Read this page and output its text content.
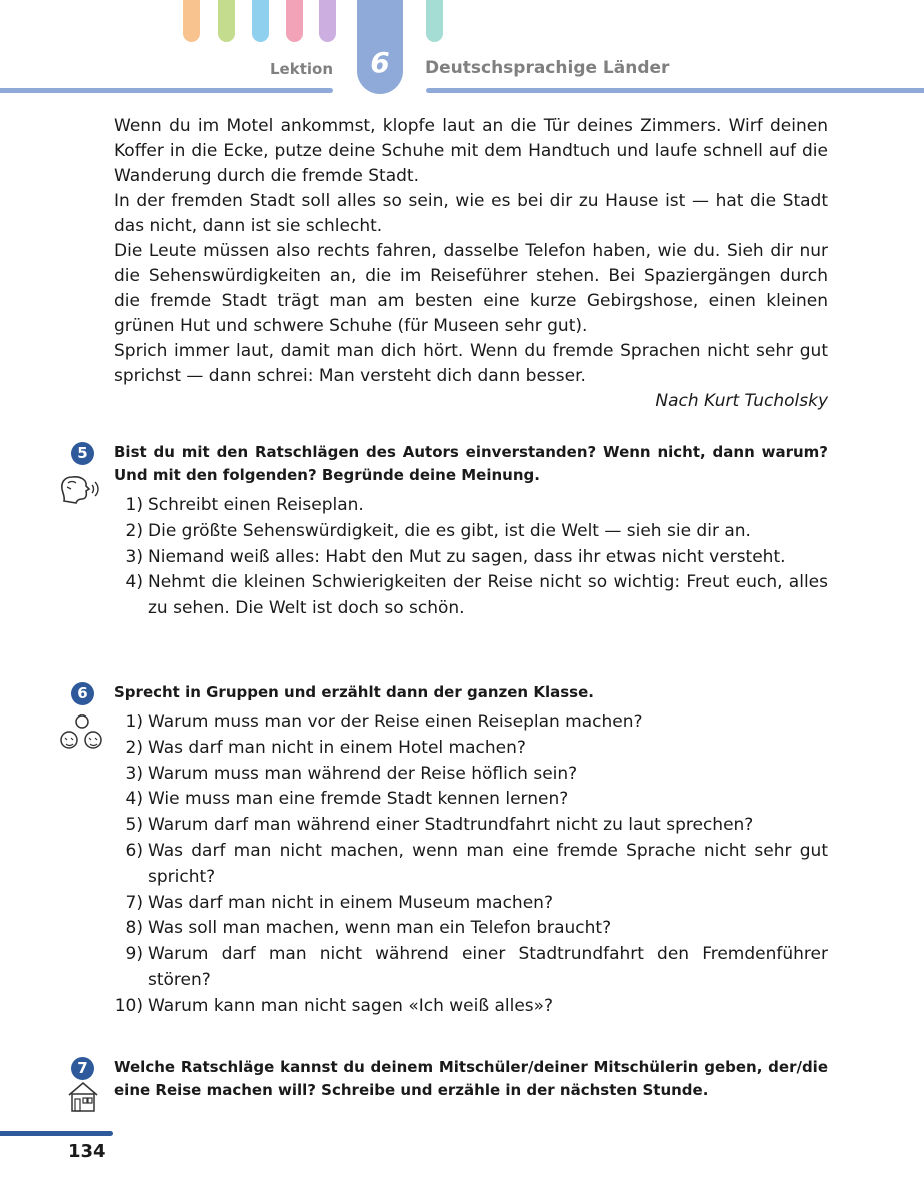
6
Lektion	Deutschsprachige Länder
Wenn du im Motel ankommst, klopfe laut an die Tür deines Zimmers. Wirf deinen Koffer in die Ecke, putze deine Schuhe mit dem Handtuch und laufe schnell auf die Wanderung durch die fremde Stadt.
In der fremden Stadt soll alles so sein, wie es bei dir zu Hause ist — hat die Stadt das nicht, dann ist sie schlecht.
Die Leute müssen also rechts fahren, dasselbe Telefon haben, wie du. Sieh dir nur die Sehenswürdigkeiten an, die im Reiseführer stehen. Bei Spaziergängen durch die fremde Stadt trägt man am besten eine kurze Gebirgshose, einen kleinen grünen Hut und schwere Schuhe (für Museen sehr gut).
Sprich immer laut, damit man dich hört. Wenn du fremde Sprachen nicht sehr gut sprichst — dann schrei: Man versteht dich dann besser.
Nach Kurt Tucholsky
5	Bist du mit den Ratschlägen des Autors einverstanden? Wenn nicht, dann warum? Und mit den folgenden? Begründe deine Meinung.
1) Schreibt einen Reiseplan.
2) Die größte Sehenswürdigkeit, die es gibt, ist die Welt — sieh sie dir an.
3) Niemand weiß alles: Habt den Mut zu sagen, dass ihr etwas nicht versteht.
4) Nehmt die kleinen Schwierigkeiten der Reise nicht so wichtig: Freut euch, alles zu sehen. Die Welt ist doch so schön.
6	Sprecht in Gruppen und erzählt dann der ganzen Klasse.
1) Warum muss man vor der Reise einen Reiseplan machen?
2) Was darf man nicht in einem Hotel machen?
3) Warum muss man während der Reise höflich sein?
4) Wie muss man eine fremde Stadt kennen lernen?
5) Warum darf man während einer Stadtrundfahrt nicht zu laut sprechen?
6) Was darf man nicht machen, wenn man eine fremde Sprache nicht sehr gut spricht?
7) Was darf man nicht in einem Museum machen?
8) Was soll man machen, wenn man ein Telefon braucht?
9) Warum darf man nicht während einer Stadtrundfahrt den Fremdenführer stören?
10) Warum kann man nicht sagen «Ich weiß alles»?
7	Welche Ratschläge kannst du deinem Mitschüler/deiner Mitschülerin geben, der/die eine Reise machen will? Schreibe und erzähle in der nächsten Stunde.
134
